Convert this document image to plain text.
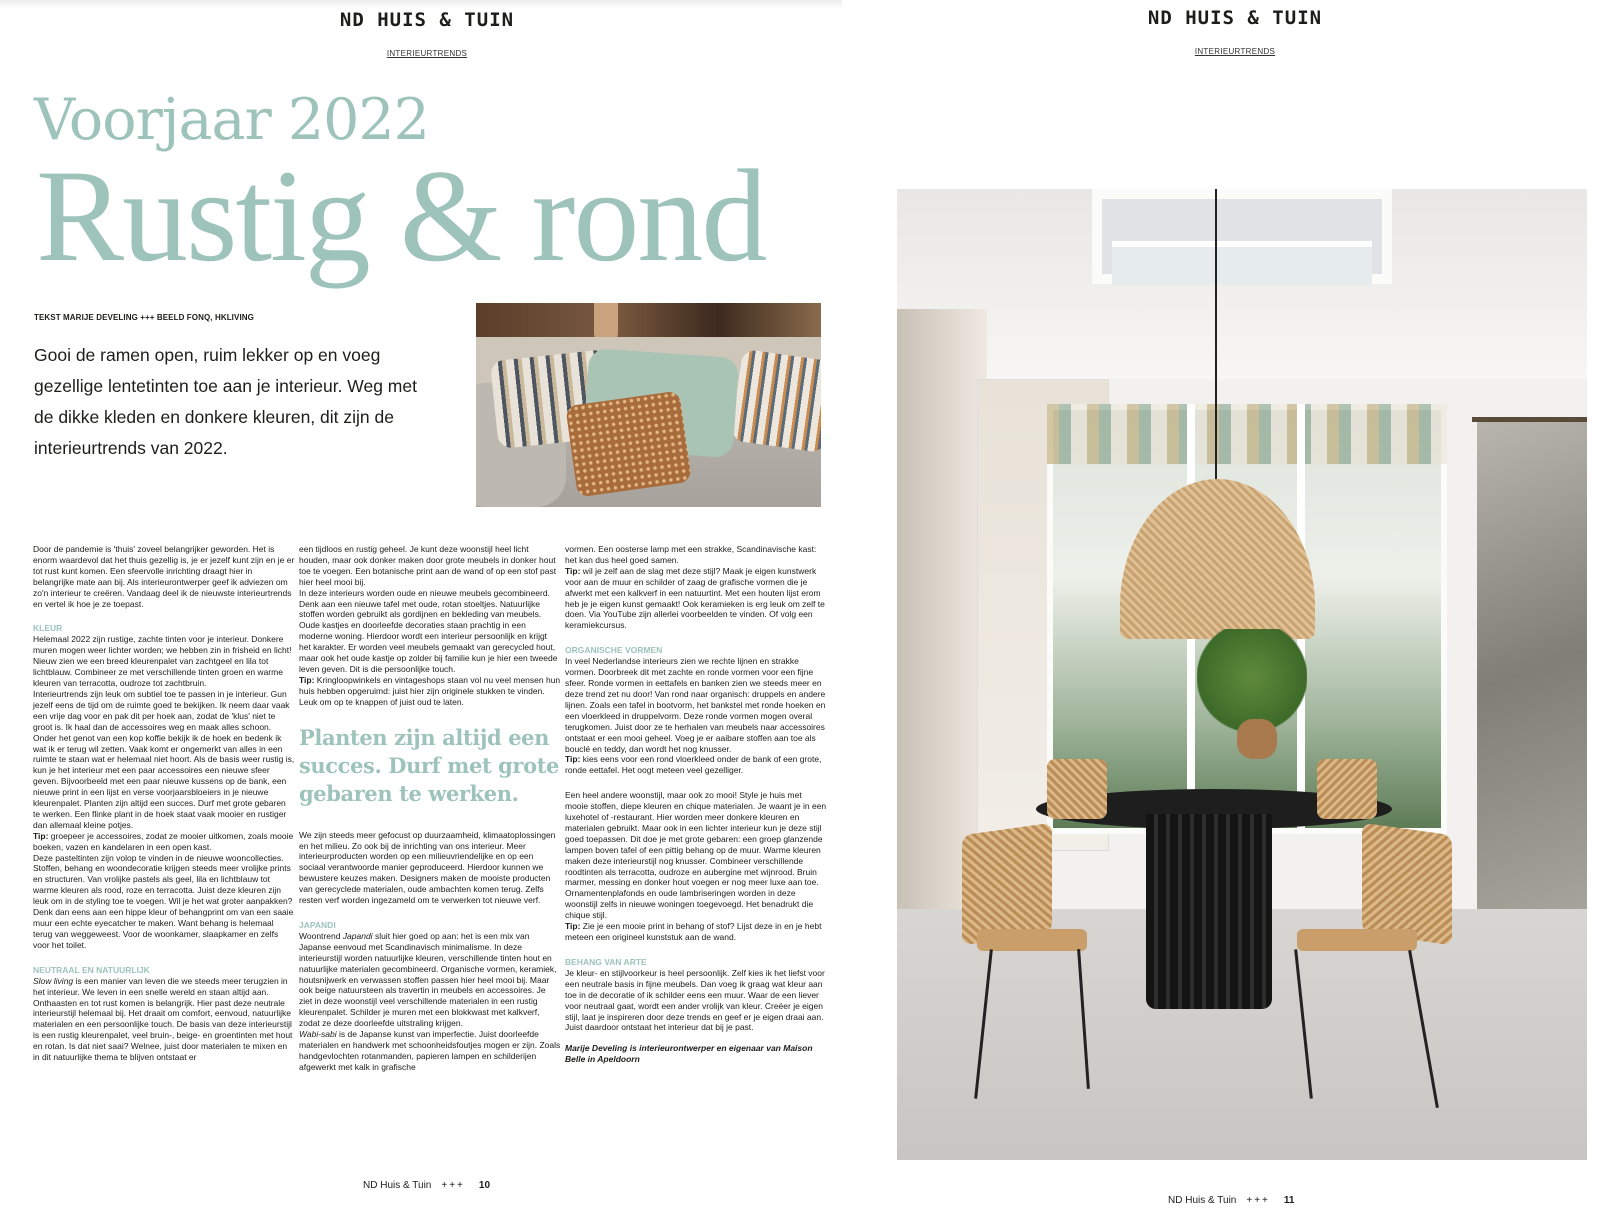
ND HUIS & TUIN
INTERIEURTRENDS
Voorjaar 2022
Rustig & rond
TEKST MARIJE DEVELING +++ BEELD FONQ, HKLIVING
Gooi de ramen open, ruim lekker op en voeg gezellige lentetinten toe aan je interieur. Weg met de dikke kleden en donkere kleuren, dit zijn de interieurtrends van 2022.

Door de pandemie is 'thuis' zoveel belangrijker geworden. Het is enorm waardevol dat het thuis gezellig is, je er jezelf kunt zijn en je er tot rust kunt komen. Een sfeervolle inrichting draagt hier in belangrijke mate aan bij. Als interieurontwerper geef ik adviezen om zo'n interieur te creëren. Vandaag deel ik de nieuwste interieurtrends en vertel ik hoe je ze toepast.

KLEUR

Helemaal 2022 zijn rustige, zachte tinten voor je interieur. Donkere muren mogen weer lichter worden; we hebben zin in frisheid en licht! Nieuw zien we een breed kleurenpalet van zachtgeel en lila tot lichtblauw. Combineer ze met verschillende tinten groen en warme kleuren van terracotta, oudroze tot zachtbruin.

Interieurtrends zijn leuk om subtiel toe te passen in je interieur. Gun jezelf eens de tijd om de ruimte goed te bekijken. Ik neem daar vaak een vrije dag voor en pak dit per hoek aan, zodat de 'klus' niet te groot is. Ik haal dan de accessoires weg en maak alles schoon. Onder het genot van een kop koffie bekijk ik de hoek en bedenk ik wat ik er terug wil zetten. Vaak komt er ongemerkt van alles in een ruimte te staan wat er helemaal niet hoort. Als de basis weer rustig is, kun je het interieur met een paar accessoires een nieuwe sfeer geven. Bijvoorbeeld met een paar nieuwe kussens op de bank, een nieuwe print in een lijst en verse voorjaarsbloeiers in je nieuwe kleurenpalet. Planten zijn altijd een succes. Durf met grote gebaren te werken. Een flinke plant in de hoek staat vaak mooier en rustiger dan allemaal kleine potjes.

Tip: groepeer je accessoires, zodat ze mooier uitkomen, zoals mooie boeken, vazen en kandelaren in een open kast.

Deze pasteltinten zijn volop te vinden in de nieuwe wooncollecties. Stoffen, behang en woondecoratie krijgen steeds meer vrolijke prints en structuren. Van vrolijke pastels als geel, lila en lichtblauw tot warme kleuren als rood, roze en terracotta. Juist deze kleuren zijn leuk om in de styling toe te voegen. Wil je het wat groter aanpakken? Denk dan eens aan een hippe kleur of behangprint om van een saaie muur een echte eyecatcher te maken. Want behang is helemaal terug van weggeweest. Voor de woonkamer, slaapkamer en zelfs voor het toilet.

NEUTRAAL EN NATUURLIJK

Slow living is een manier van leven die we steeds meer terugzien in het interieur. We leven in een snelle wereld en staan altijd aan. Onthaasten en tot rust komen is belangrijk. Hier past deze neutrale interieurstijl helemaal bij. Het draait om comfort, eenvoud, natuurlijke materialen en een persoonlijke touch. De basis van deze interieurstijl is een rustig kleurenpalet, veel bruin-, beige- en groentinten met hout en rotan. Is dat niet saai? Welnee, juist door materialen te mixen en in dit natuurlijke thema te blijven ontstaat er

een tijdloos en rustig geheel. Je kunt deze woonstijl heel licht houden, maar ook donker maken door grote meubels in donker hout toe te voegen. Een botanische print aan de wand of op een stof past hier heel mooi bij.

In deze interieurs worden oude en nieuwe meubels gecombineerd. Denk aan een nieuwe tafel met oude, rotan stoeltjes. Natuurlijke stoffen worden gebruikt als gordijnen en bekleding van meubels. Oude kastjes en doorleefde decoraties staan prachtig in een moderne woning. Hierdoor wordt een interieur persoonlijk en krijgt het karakter. Er worden veel meubels gemaakt van gerecycled hout, maar ook het oude kastje op zolder bij familie kun je hier een tweede leven geven. Dit is die persoonlijke touch.

Tip: Kringloopwinkels en vintageshops staan vol nu veel mensen hun huis hebben opgeruimd: juist hier zijn originele stukken te vinden. Leuk om op te knappen of juist oud te laten.

Planten zijn altijd een succes. Durf met grote gebaren te werken.

We zijn steeds meer gefocust op duurzaamheid, klimaatoplossingen en het milieu. Zo ook bij de inrichting van ons interieur. Meer interieurproducten worden op een milieuvriendelijke en op een sociaal verantwoorde manier geproduceerd. Hierdoor kunnen we bewustere keuzes maken. Designers maken de mooiste producten van gerecyclede materialen, oude ambachten komen terug. Zelfs resten verf worden ingezameld om te verwerken tot nieuwe verf.

JAPANDI

Woontrend Japandi sluit hier goed op aan: het is een mix van Japanse eenvoud met Scandinavisch minimalisme. In deze interieurstijl worden natuurlijke kleuren, verschillende tinten hout en natuurlijke materialen gecombineerd. Organische vormen, keramiek, houtsnijwerk en verwassen stoffen passen hier heel mooi bij. Maar ook beige natuursteen als travertin in meubels en accessoires. Je ziet in deze woonstijl veel verschillende materialen in een rustig kleurenpalet. Schilder je muren met een blokkwast met kalkverf, zodat ze deze doorleefde uitstraling krijgen.

Wabi-sabi is de Japanse kunst van imperfectie. Juist doorleefde materialen en handwerk met schoonheidsfoutjes mogen er zijn. Zoals handgevlochten rotanmanden, papieren lampen en schilderijen afgewerkt met kalk in grafische

vormen. Een oosterse lamp met een strakke, Scandinavische kast: het kan dus heel goed samen.

Tip: wil je zelf aan de slag met deze stijl? Maak je eigen kunstwerk voor aan de muur en schilder of zaag de grafische vormen die je afwerkt met een kalkverf in een natuurtint. Met een houten lijst erom heb je je eigen kunst gemaakt! Ook keramieken is erg leuk om zelf te doen. Via YouTube zijn allerlei voorbeelden te vinden. Of volg een keramiekcursus.

ORGANISCHE VORMEN

In veel Nederlandse interieurs zien we rechte lijnen en strakke vormen. Doorbreek dit met zachte en ronde vormen voor een fijne sfeer. Ronde vormen in eettafels en banken zien we steeds meer en deze trend zet nu door! Van rond naar organisch: druppels en andere lijnen. Zoals een tafel in bootvorm, het bankstel met ronde hoeken en een vloerkleed in druppelvorm. Deze ronde vormen mogen overal terugkomen. Juist door ze te herhalen van meubels naar accessoires ontstaat er een mooi geheel. Voeg je er aaibare stoffen aan toe als bouclé en teddy, dan wordt het nog knusser.

Tip: kies eens voor een rond vloerkleed onder de bank of een grote, ronde eettafel. Het oogt meteen veel gezelliger.

Een heel andere woonstijl, maar ook zo mooi! Style je huis met mooie stoffen, diepe kleuren en chique materialen. Je waant je in een luxehotel of -restaurant. Hier worden meer donkere kleuren en materialen gebruikt. Maar ook in een lichter interieur kun je deze stijl goed toepassen. Dit doe je met grote gebaren: een groep glanzende lampen boven tafel of een pittig behang op de muur. Warme kleuren maken deze interieurstijl nog knusser. Combineer verschillende roodtinten als terracotta, oudroze en aubergine met wijnrood. Bruin marmer, messing en donker hout voegen er nog meer luxe aan toe.

Ornamentenplafonds en oude lambriseringen worden in deze woonstijl zelfs in nieuwe woningen toegevoegd. Het benadrukt die chique stijl.

Tip: Zie je een mooie print in behang of stof? Lijst deze in en je hebt meteen een origineel kunststuk aan de wand.

BEHANG VAN ARTE

Je kleur- en stijlvoorkeur is heel persoonlijk. Zelf kies ik het liefst voor een neutrale basis in fijne meubels. Dan voeg ik graag wat kleur aan toe in de decoratie of ik schilder eens een muur. Waar de een liever voor neutraal gaat, wordt een ander vrolijk van kleur. Creëer je eigen stijl, laat je inspireren door deze trends en geef er je eigen draai aan. Juist daardoor ontstaat het interieur dat bij je past.

Marije Develing is interieurontwerper en eigenaar van Maison Belle in Apeldoorn

ND Huis & Tuin +++ 10
ND HUIS & TUIN
INTERIEURTRENDS
ND Huis & Tuin +++ 11
